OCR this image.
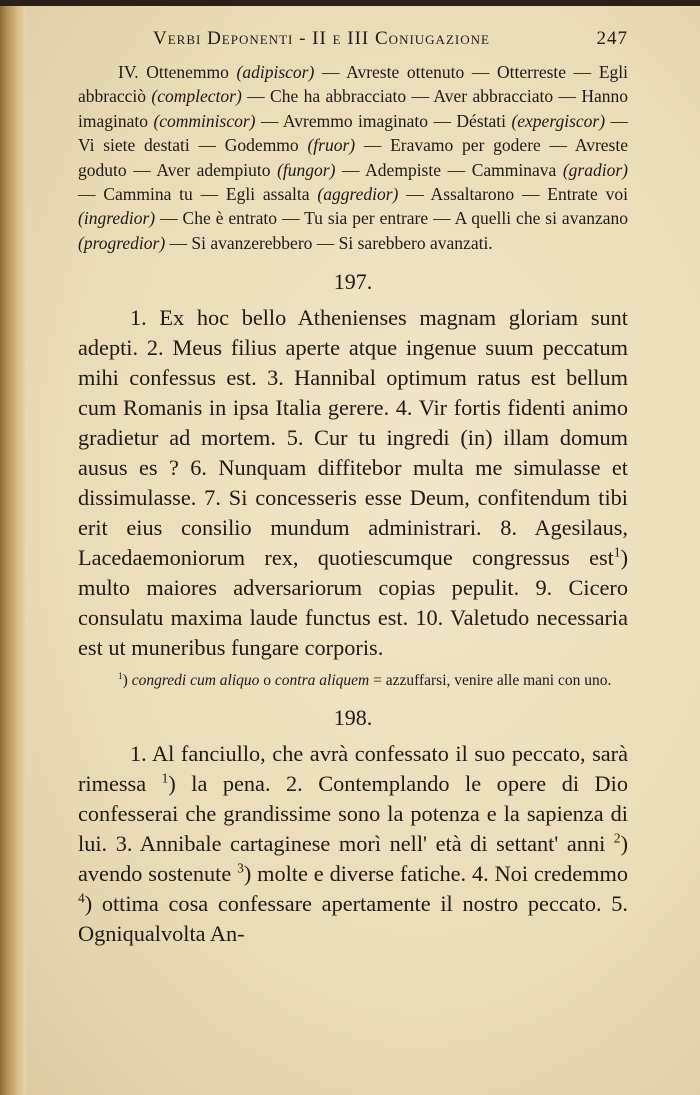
Verbi Deponenti - II e III Coniugazione	247

IV. Ottenemmo (adipiscor) — Avreste ottenuto — Otterreste — Egli abbracciò (complector) — Che ha abbracciato — Aver abbracciato — Hanno imaginato (comminiscor) — Avremmo imaginato — Déstati (expergiscor) — Vi siete destati — Godemmo (fruor) — Eravamo per godere — Avreste goduto — Aver adempiuto (fungor) — Adempiste — Camminava (gradior) — Cammina tu — Egli assalta (aggredior) — Assaltarono — Entrate voi (ingredior) — Che è entrato — Tu sia per entrare — A quelli che si avanzano (progredior) — Si avanzerebbero — Si sarebbero avanzati.

197.

1. Ex hoc bello Athenienses magnam gloriam sunt adepti. 2. Meus filius aperte atque ingenue suum peccatum mihi confessus est. 3. Hannibal optimum ratus est bellum cum Romanis in ipsa Italia gerere. 4. Vir fortis fidenti animo gradietur ad mortem. 5. Cur tu ingredi (in) illam domum ausus es ? 6. Nunquam diffitebor multa me simulasse et dissimulasse. 7. Si concesseris esse Deum, confitendum tibi erit eius consilio mundum administrari. 8. Agesilaus, Lacedaemoniorum rex, quotiescumque congressus est$^1$) multo maiores adversariorum copias pepulit. 9. Cicero consulatu maxima laude functus est. 10. Valetudo necessaria est ut muneribus fungare corporis.

$^1$) congredi cum aliquo o contra aliquem = azzuffarsi, venire alle mani con uno.

198.

1. Al fanciullo, che avrà confessato il suo peccato, sarà rimessa $^1$) la pena. 2. Contemplando le opere di Dio confesserai che grandissime sono la potenza e la sapienza di lui. 3. Annibale cartaginese morì nell' età di settant' anni $^2$) avendo sostenute $^3$) molte e diverse fatiche. 4. Noi credemmo $^4$) ottima cosa confessare apertamente il nostro peccato. 5. Ogniqualvolta An-
